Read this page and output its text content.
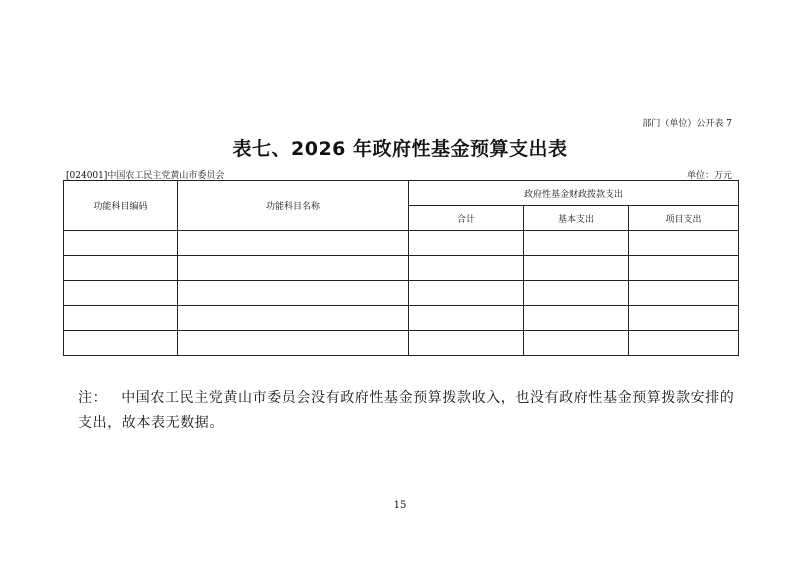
部门（单位）公开表 7
表七、2026 年政府性基金预算支出表
[024001]中国农工民主党黄山市委员会	单位：万元
功能科目编码	功能科目名称	政府性基金财政拨款支出		
		合计	基本支出	项目支出

注： 中国农工民主党黄山市委员会没有政府性基金预算拨款收入，也没有政府性基金预算拨款安排的支出，故本表无数据。
15
